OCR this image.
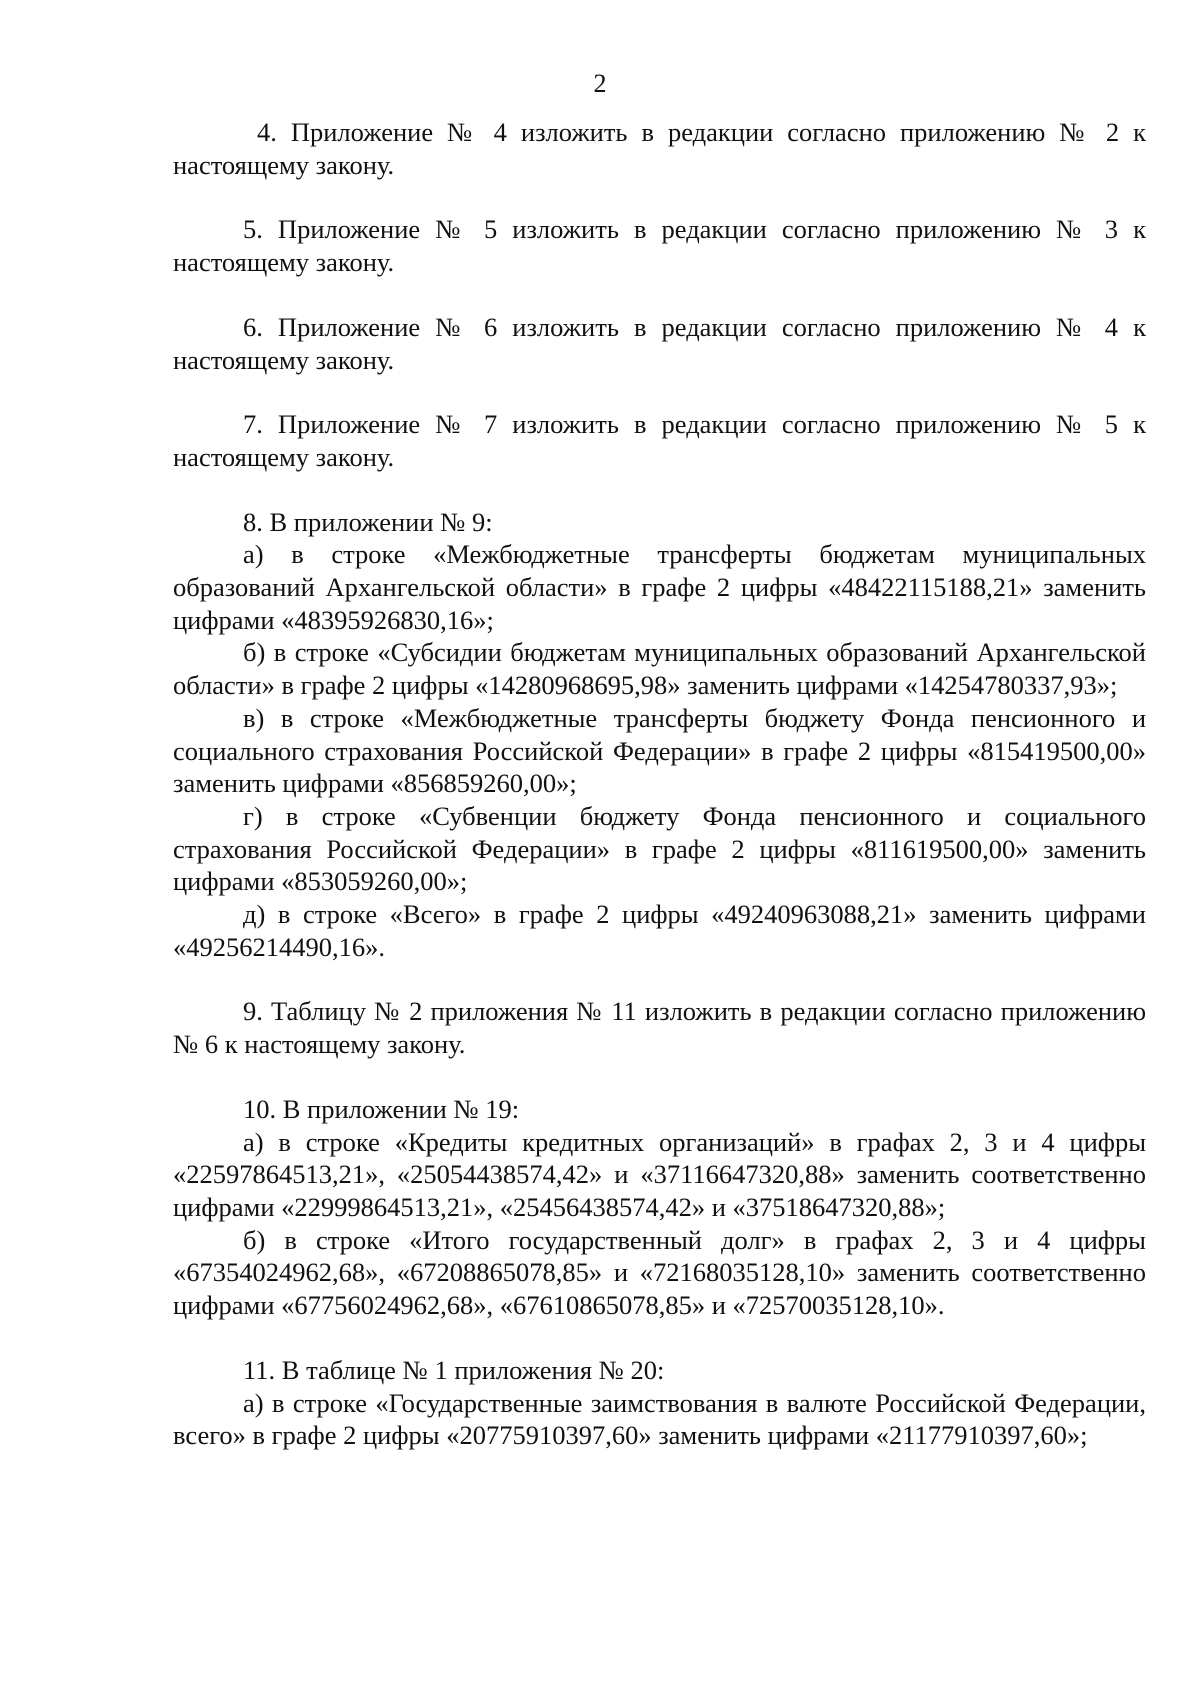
2

4. Приложение № 4 изложить в редакции согласно приложению № 2 к настоящему закону.

5. Приложение № 5 изложить в редакции согласно приложению № 3 к настоящему закону.

6. Приложение № 6 изложить в редакции согласно приложению № 4 к настоящему закону.

7. Приложение № 7 изложить в редакции согласно приложению № 5 к настоящему закону.

8. В приложении № 9:

а) в строке «Межбюджетные трансферты бюджетам муниципальных образований Архангельской области» в графе 2 цифры «48422115188,21» заменить цифрами «48395926830,16»;

б) в строке «Субсидии бюджетам муниципальных образований Архангельской области» в графе 2 цифры «14280968695,98» заменить цифрами «14254780337,93»;

в) в строке «Межбюджетные трансферты бюджету Фонда пенсионного и социального страхования Российской Федерации» в графе 2 цифры «815419500,00» заменить цифрами «856859260,00»;

г) в строке «Субвенции бюджету Фонда пенсионного и социального страхования Российской Федерации» в графе 2 цифры «811619500,00» заменить цифрами «853059260,00»;

д) в строке «Всего» в графе 2 цифры «49240963088,21» заменить цифрами «49256214490,16».

9. Таблицу № 2 приложения № 11 изложить в редакции согласно приложению № 6 к настоящему закону.

10. В приложении № 19:

а) в строке «Кредиты кредитных организаций» в графах 2, 3 и 4 цифры «22597864513,21», «25054438574,42» и «37116647320,88» заменить соответственно цифрами «22999864513,21», «25456438574,42» и «37518647320,88»;

б) в строке «Итого государственный долг» в графах 2, 3 и 4 цифры «67354024962,68», «67208865078,85» и «72168035128,10» заменить соответственно цифрами «67756024962,68», «67610865078,85» и «72570035128,10».

11. В таблице № 1 приложения № 20:

а) в строке «Государственные заимствования в валюте Российской Федерации, всего» в графе 2 цифры «20775910397,60» заменить цифрами «21177910397,60»;
